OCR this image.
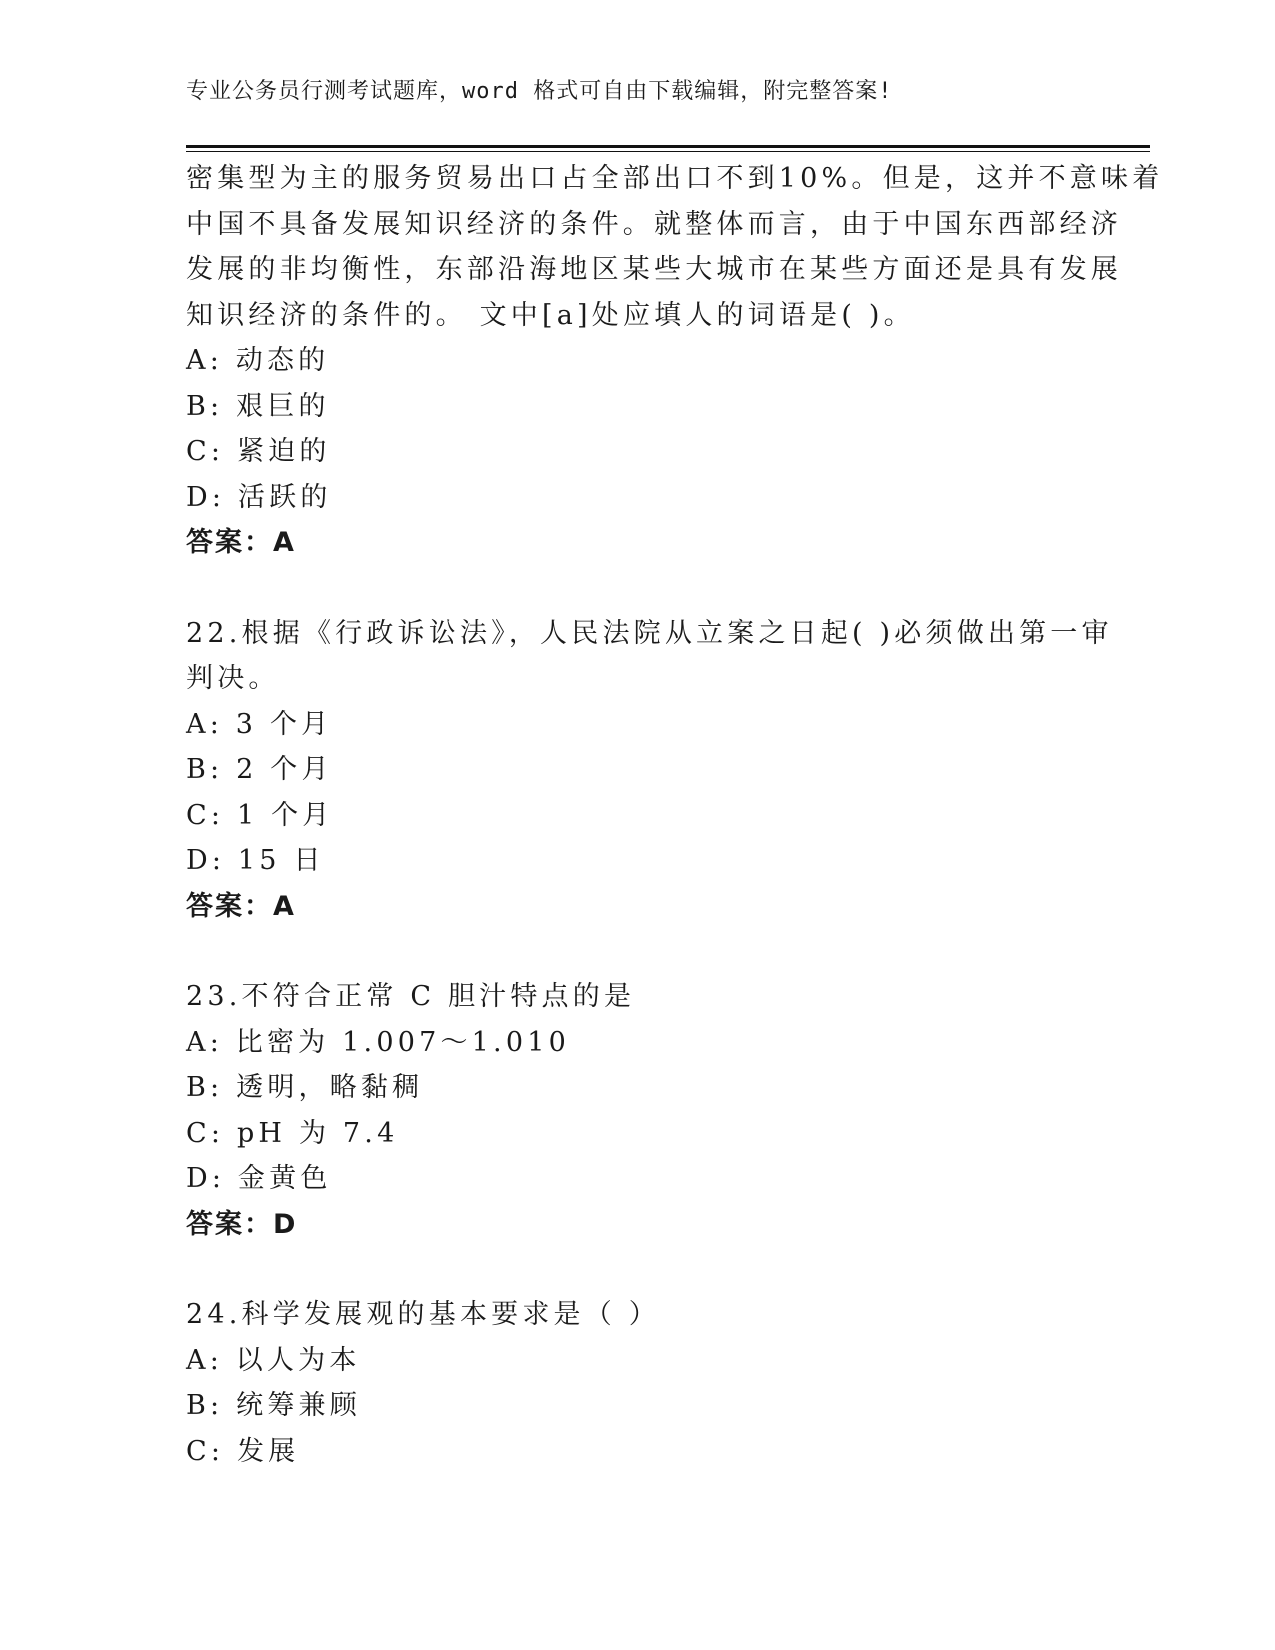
专业公务员行测考试题库，word 格式可自由下载编辑，附完整答案!
密集型为主的服务贸易出口占全部出口不到10%。但是，这并不意味着
中国不具备发展知识经济的条件。就整体而言，由于中国东西部经济
发展的非均衡性，东部沿海地区某些大城市在某些方面还是具有发展
知识经济的条件的。 文中[a]处应填人的词语是( )。
A: 动态的
B: 艰巨的
C: 紧迫的
D: 活跃的
答案：A
22.根据《行政诉讼法》，人民法院从立案之日起( )必须做出第一审
判决。
A: 3 个月
B: 2 个月
C: 1 个月
D: 15 日
答案：A
23.不符合正常 C 胆汁特点的是
A: 比密为 1.007～1.010
B: 透明，略黏稠
C: pH 为 7.4
D: 金黄色
答案：D
24.科学发展观的基本要求是（ ）
A: 以人为本
B: 统筹兼顾
C: 发展
